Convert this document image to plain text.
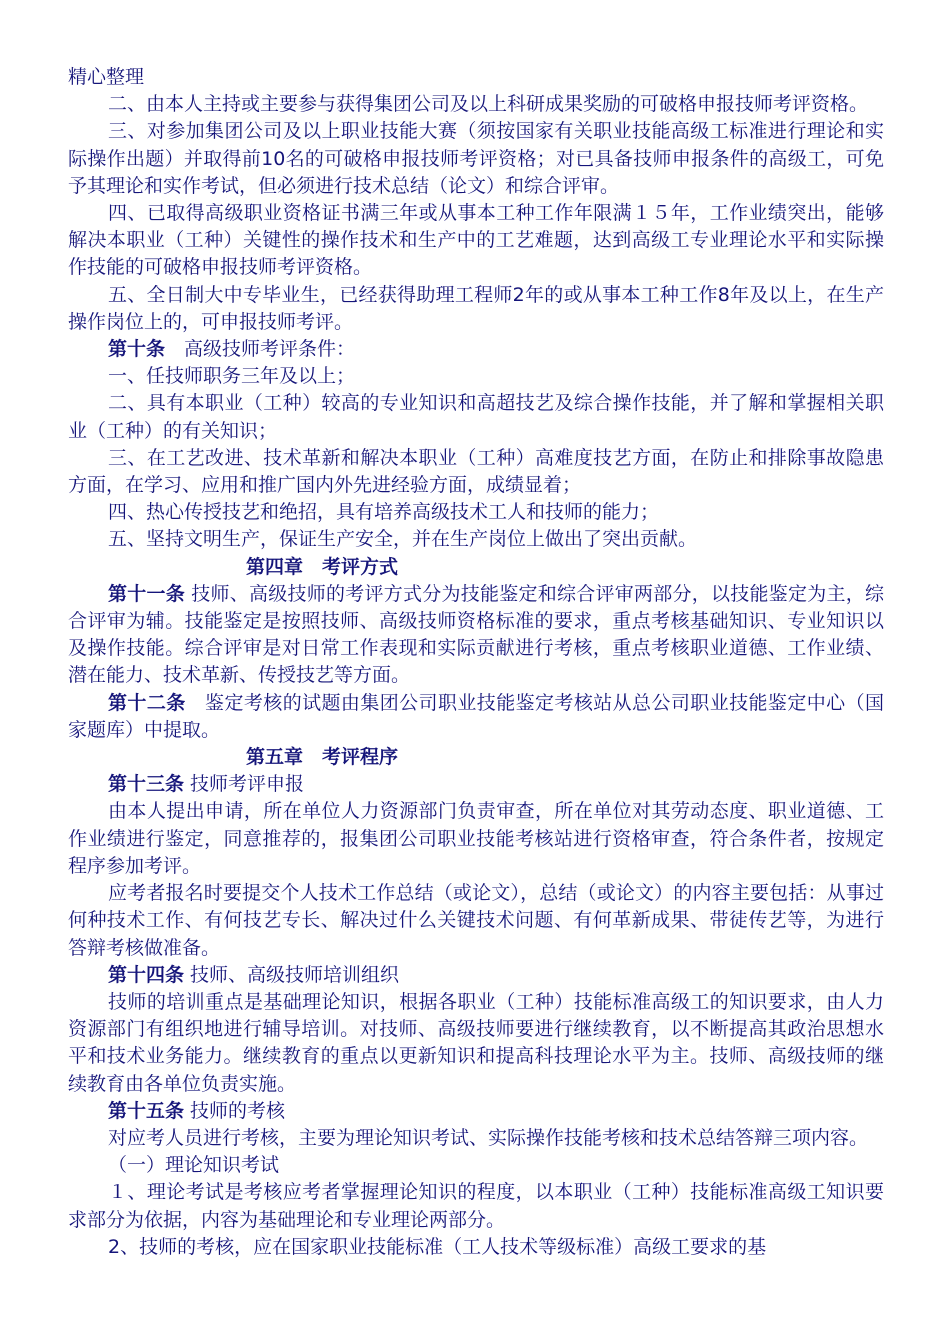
精心整理

二、由本人主持或主要参与获得集团公司及以上科研成果奖励的可破格申报技师考评资格。

三、对参加集团公司及以上职业技能大赛（须按国家有关职业技能高级工标准进行理论和实际操作出题）并取得前10名的可破格申报技师考评资格；对已具备技师申报条件的高级工，可免予其理论和实作考试，但必须进行技术总结（论文）和综合评审。

四、已取得高级职业资格证书满三年或从事本工种工作年限满１５年，工作业绩突出，能够解决本职业（工种）关键性的操作技术和生产中的工艺难题，达到高级工专业理论水平和实际操作技能的可破格申报技师考评资格。

五、全日制大中专毕业生，已经获得助理工程师2年的或从事本工种工作8年及以上，在生产操作岗位上的，可申报技师考评。

第十条　高级技师考评条件：

一、任技师职务三年及以上；

二、具有本职业（工种）较高的专业知识和高超技艺及综合操作技能，并了解和掌握相关职业（工种）的有关知识；

三、在工艺改进、技术革新和解决本职业（工种）高难度技艺方面，在防止和排除事故隐患方面，在学习、应用和推广国内外先进经验方面，成绩显着；

四、热心传授技艺和绝招，具有培养高级技术工人和技师的能力；

五、坚持文明生产，保证生产安全，并在生产岗位上做出了突出贡献。

第四章　考评方式

第十一条 技师、高级技师的考评方式分为技能鉴定和综合评审两部分，以技能鉴定为主，综合评审为辅。技能鉴定是按照技师、高级技师资格标准的要求，重点考核基础知识、专业知识以及操作技能。综合评审是对日常工作表现和实际贡献进行考核，重点考核职业道德、工作业绩、潜在能力、技术革新、传授技艺等方面。

第十二条　鉴定考核的试题由集团公司职业技能鉴定考核站从总公司职业技能鉴定中心（国家题库）中提取。

第五章　考评程序

第十三条 技师考评申报

由本人提出申请，所在单位人力资源部门负责审查，所在单位对其劳动态度、职业道德、工作业绩进行鉴定，同意推荐的，报集团公司职业技能考核站进行资格审查，符合条件者，按规定程序参加考评。

应考者报名时要提交个人技术工作总结（或论文），总结（或论文）的内容主要包括：从事过何种技术工作、有何技艺专长、解决过什么关键技术问题、有何革新成果、带徒传艺等，为进行答辩考核做准备。

第十四条 技师、高级技师培训组织

技师的培训重点是基础理论知识，根据各职业（工种）技能标准高级工的知识要求，由人力资源部门有组织地进行辅导培训。对技师、高级技师要进行继续教育，以不断提高其政治思想水平和技术业务能力。继续教育的重点以更新知识和提高科技理论水平为主。技师、高级技师的继续教育由各单位负责实施。

第十五条 技师的考核

对应考人员进行考核，主要为理论知识考试、实际操作技能考核和技术总结答辩三项内容。

（一）理论知识考试

１、理论考试是考核应考者掌握理论知识的程度，以本职业（工种）技能标准高级工知识要求部分为依据，内容为基础理论和专业理论两部分。

2、技师的考核，应在国家职业技能标准（工人技术等级标准）高级工要求的基
